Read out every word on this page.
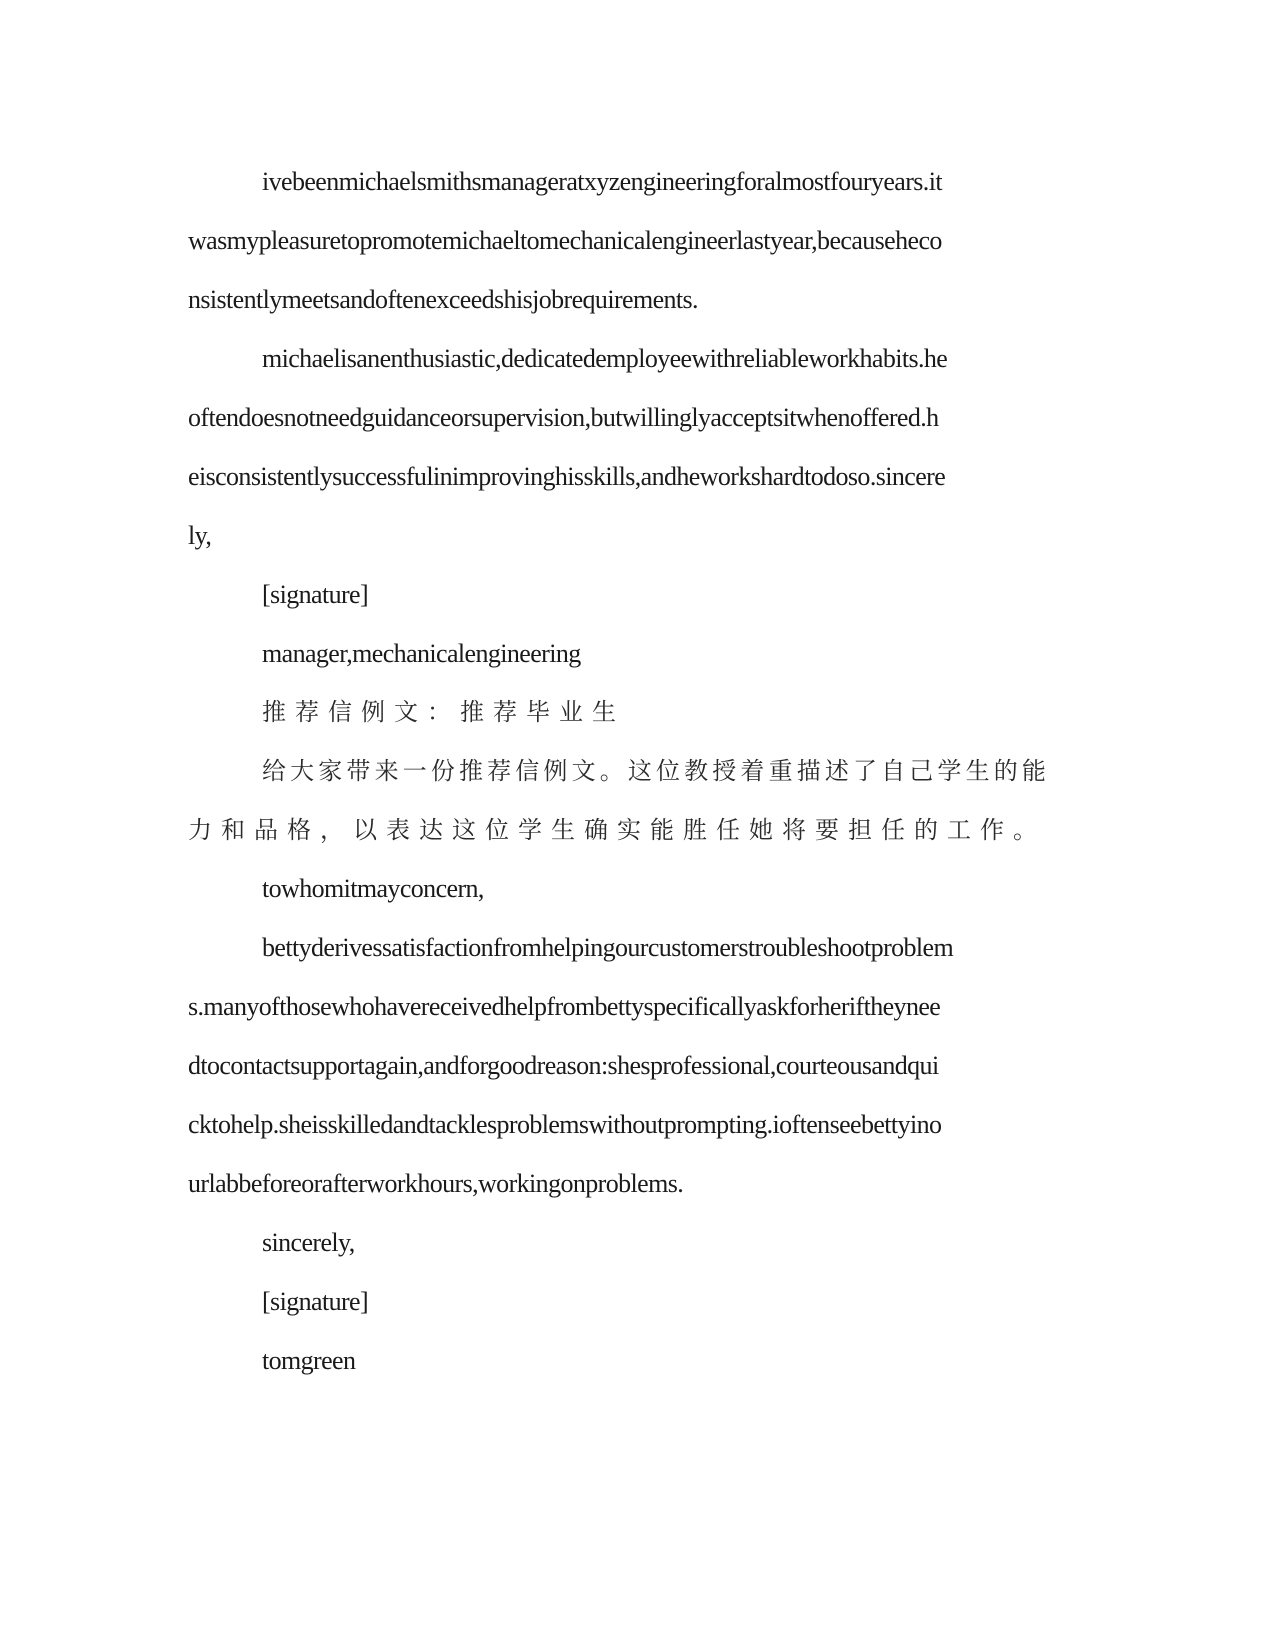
ivebeenmichaelsmithsmanageratxyzengineeringforalmostfouryears.it
wasmypleasuretopromotemichaeltomechanicalengineerlastyear,becauseheco
nsistentlymeetsandoftenexceedshisjobrequirements.
michaelisanenthusiastic,dedicatedemployeewithreliableworkhabits.he
oftendoesnotneedguidanceorsupervision,butwillinglyacceptsitwhenoffered.h
eisconsistentlysuccessfulinimprovinghisskills,andheworkshardtodoso.sincere
ly,
[signature]
manager,mechanicalengineering
推荐信例文：推荐毕业生
给大家带来一份推荐信例文。这位教授着重描述了自己学生的能
力和品格，以表达这位学生确实能胜任她将要担任的工作。
towhomitmayconcern,
bettyderivessatisfactionfromhelpingourcustomerstroubleshootproblem
s.manyofthosewhohavereceivedhelpfrombettyspecificallyaskforheriftheynee
dtocontactsupportagain,andforgoodreason:shesprofessional,courteousandqui
cktohelp.sheisskilledandtacklesproblemswithoutprompting.ioftenseebettyino
urlabbeforeorafterworkhours,workingonproblems.
sincerely,
[signature]
tomgreen
